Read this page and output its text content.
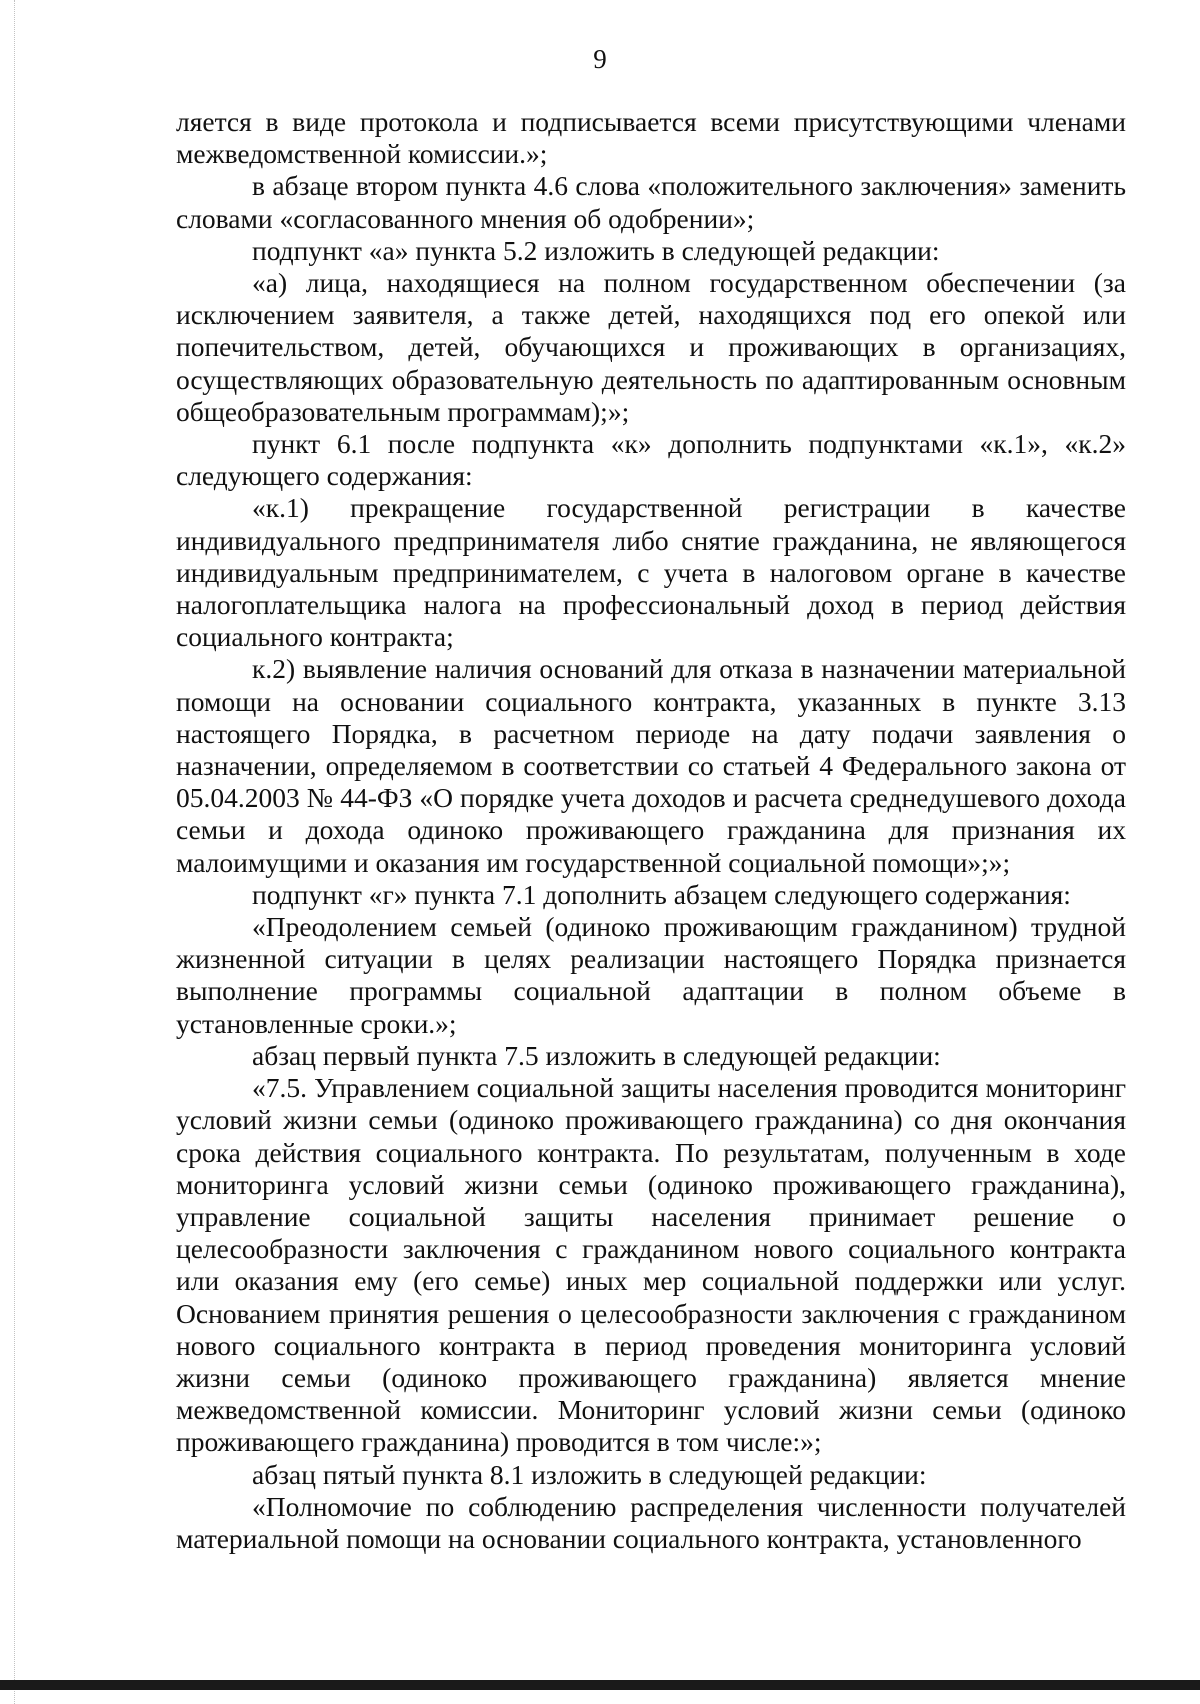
9

ляется в виде протокола и подписывается всеми присутствующими членами межведомственной комиссии.»;

в абзаце втором пункта 4.6 слова «положительного заключения» заменить словами «согласованного мнения об одобрении»;

подпункт «а» пункта 5.2 изложить в следующей редакции:

«а) лица, находящиеся на полном государственном обеспечении (за исключением заявителя, а также детей, находящихся под его опекой или попечительством, детей, обучающихся и проживающих в организациях, осуществляющих образовательную деятельность по адаптированным основным общеобразовательным программам);»;

пункт 6.1 после подпункта «к» дополнить подпунктами «к.1», «к.2» следующего содержания:

«к.1) прекращение государственной регистрации в качестве индивидуального предпринимателя либо снятие гражданина, не являющегося индивидуальным предпринимателем, с учета в налоговом органе в качестве налогоплательщика налога на профессиональный доход в период действия социального контракта;

к.2) выявление наличия оснований для отказа в назначении материальной помощи на основании социального контракта, указанных в пункте 3.13 настоящего Порядка, в расчетном периоде на дату подачи заявления о назначении, определяемом в соответствии со статьей 4 Федерального закона от 05.04.2003 № 44-ФЗ «О порядке учета доходов и расчета среднедушевого дохода семьи и дохода одиноко проживающего гражданина для признания их малоимущими и оказания им государственной социальной помощи»;»;

подпункт «г» пункта 7.1 дополнить абзацем следующего содержания:

«Преодолением семьей (одиноко проживающим гражданином) трудной жизненной ситуации в целях реализации настоящего Порядка признается выполнение программы социальной адаптации в полном объеме в установленные сроки.»;

абзац первый пункта 7.5 изложить в следующей редакции:

«7.5. Управлением социальной защиты населения проводится мониторинг условий жизни семьи (одиноко проживающего гражданина) со дня окончания срока действия социального контракта. По результатам, полученным в ходе мониторинга условий жизни семьи (одиноко проживающего гражданина), управление социальной защиты населения принимает решение о целесообразности заключения с гражданином нового социального контракта или оказания ему (его семье) иных мер социальной поддержки или услуг. Основанием принятия решения о целесообразности заключения с гражданином нового социального контракта в период проведения мониторинга условий жизни семьи (одиноко проживающего гражданина) является мнение межведомственной комиссии. Мониторинг условий жизни семьи (одиноко проживающего гражданина) проводится в том числе:»;

абзац пятый пункта 8.1 изложить в следующей редакции:

«Полномочие по соблюдению распределения численности получателей материальной помощи на основании социального контракта, установленного
